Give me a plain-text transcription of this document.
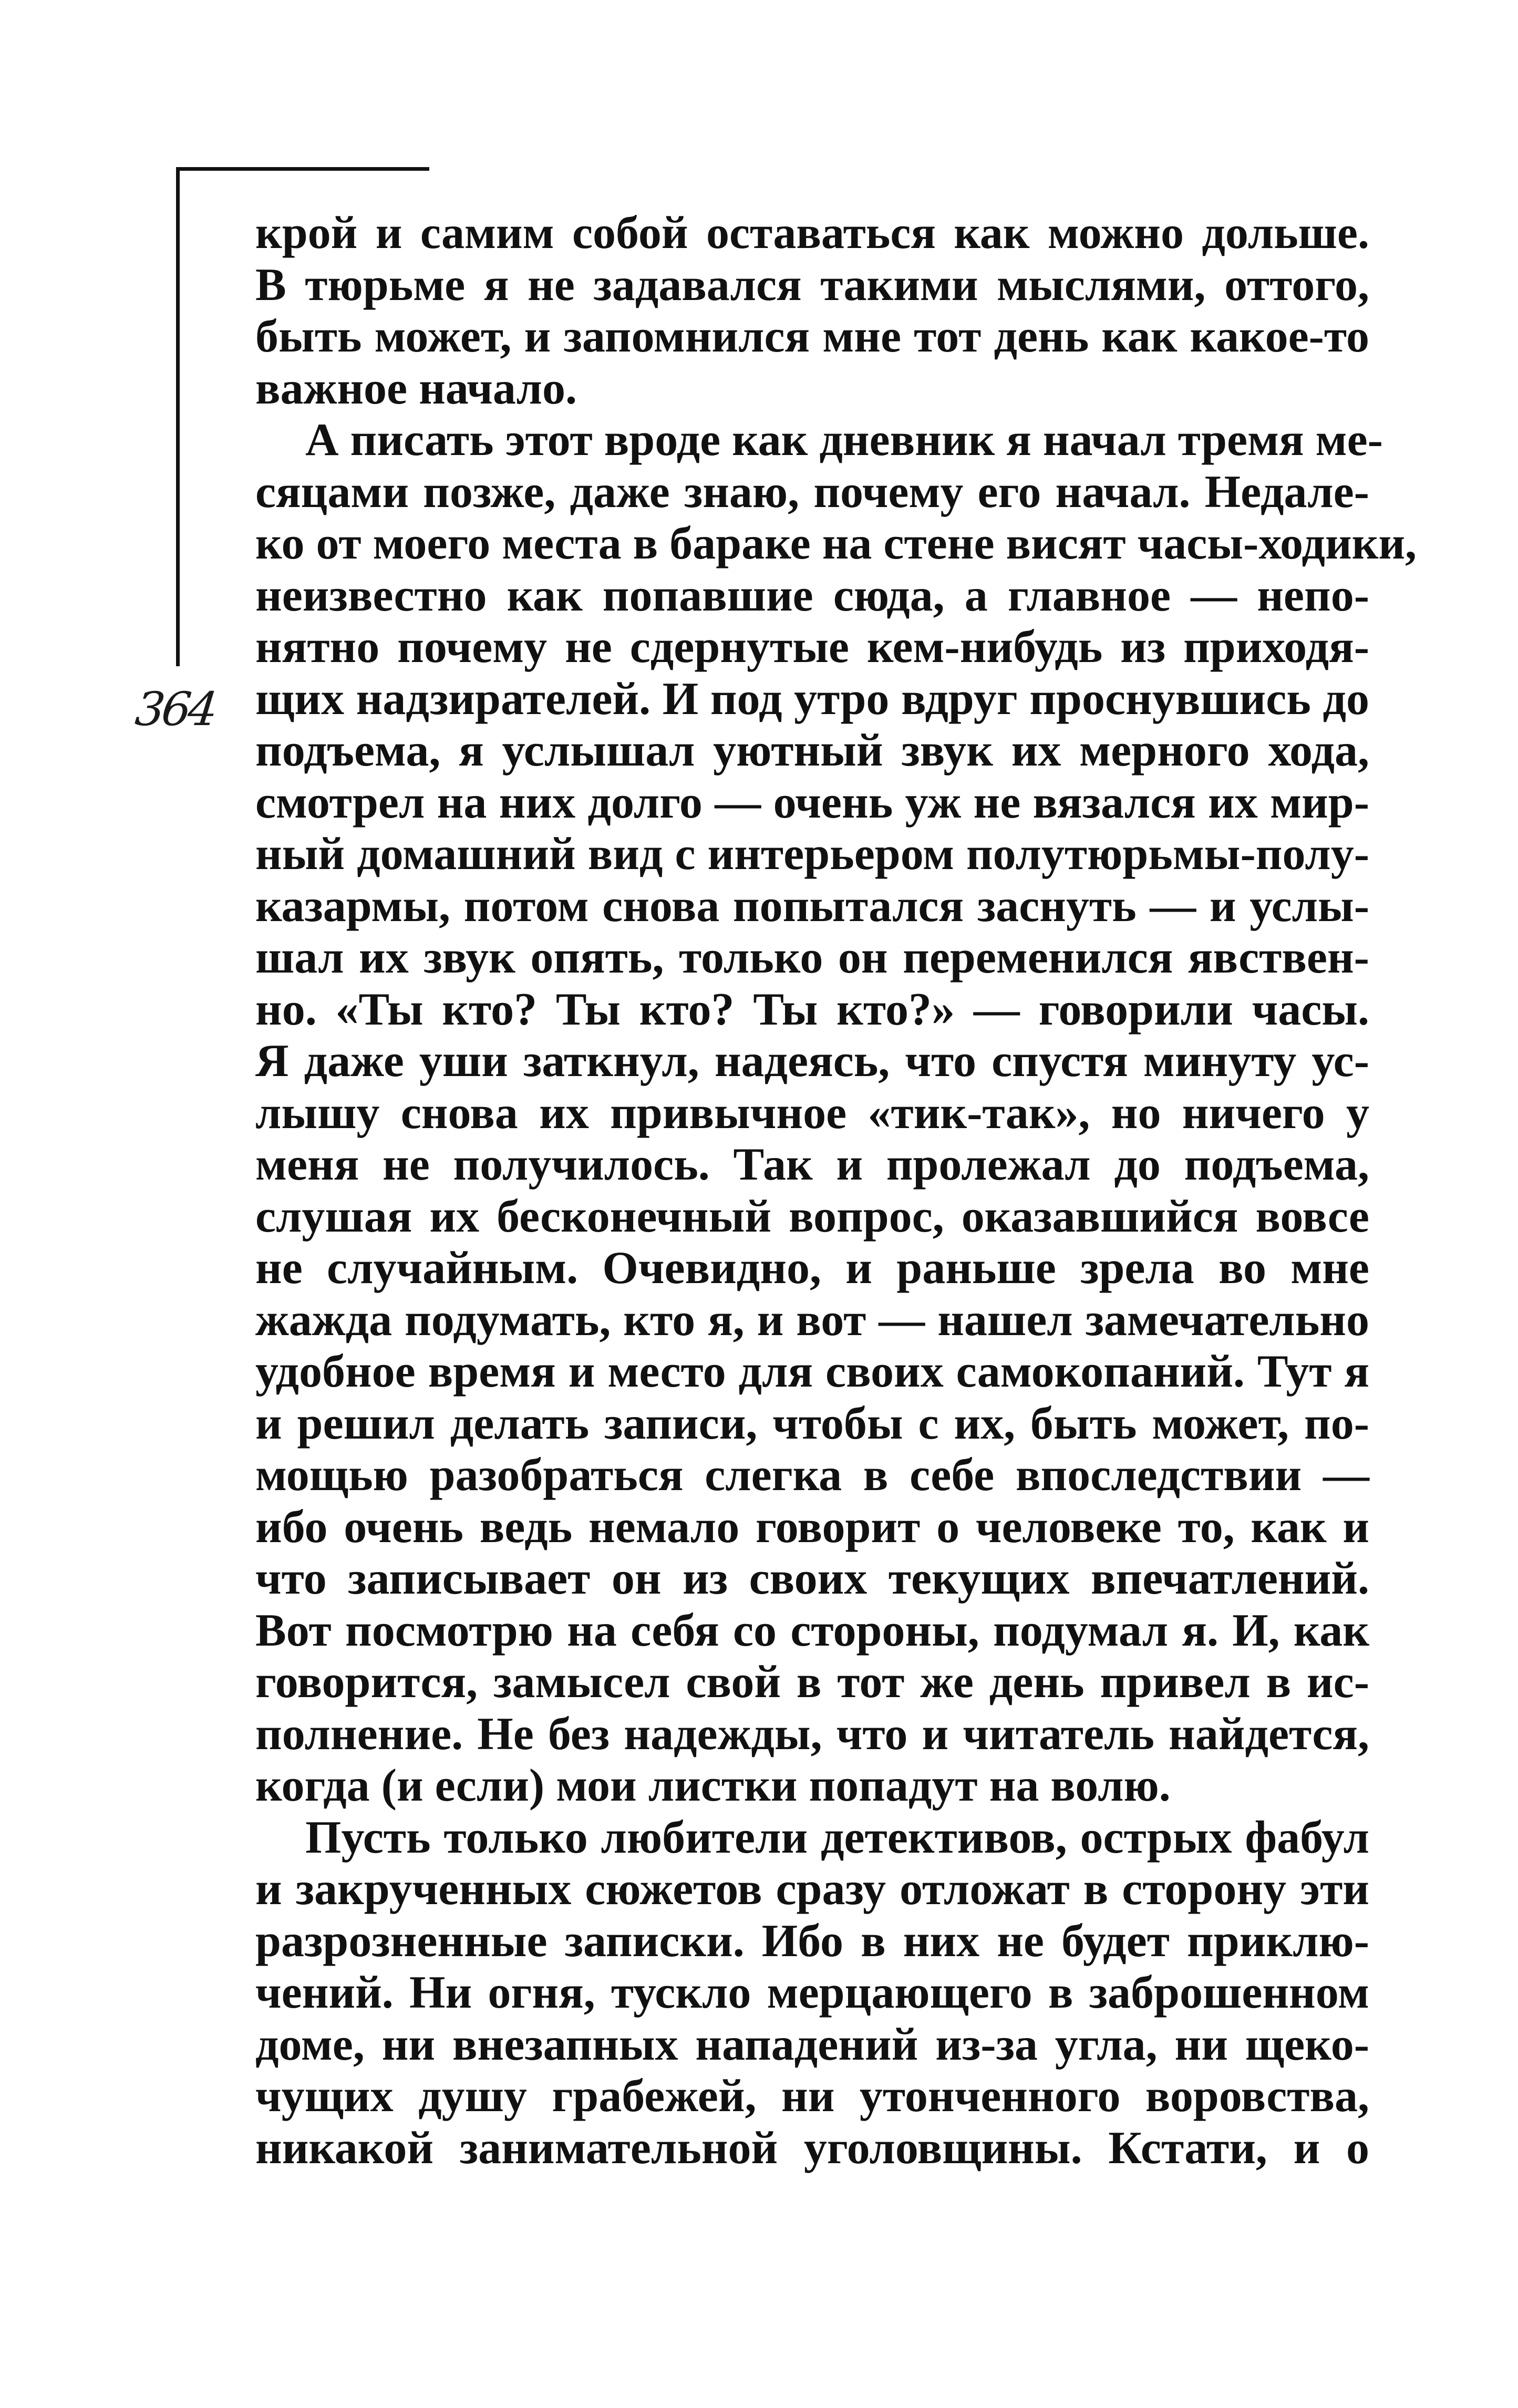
364
крой и самим собой оставаться как можно дольше.
В тюрьме я не задавался такими мыслями, оттого,
быть может, и запомнился мне тот день как какое-то
важное начало.
А писать этот вроде как дневник я начал тремя ме-
сяцами позже, даже знаю, почему его начал. Недале-
ко от моего места в бараке на стене висят часы-ходики,
неизвестно как попавшие сюда, а главное — непо-
нятно почему не сдернутые кем-нибудь из приходя-
щих надзирателей. И под утро вдруг проснувшись до
подъема, я услышал уютный звук их мерного хода,
смотрел на них долго — очень уж не вязался их мир-
ный домашний вид с интерьером полутюрьмы-полу-
казармы, потом снова попытался заснуть — и услы-
шал их звук опять, только он переменился явствен-
но. «Ты кто? Ты кто? Ты кто?» — говорили часы.
Я даже уши заткнул, надеясь, что спустя минуту ус-
лышу снова их привычное «тик-так», но ничего у
меня не получилось. Так и пролежал до подъема,
слушая их бесконечный вопрос, оказавшийся вовсе
не случайным. Очевидно, и раньше зрела во мне
жажда подумать, кто я, и вот — нашел замечательно
удобное время и место для своих самокопаний. Тут я
и решил делать записи, чтобы с их, быть может, по-
мощью разобраться слегка в себе впоследствии —
ибо очень ведь немало говорит о человеке то, как и
что записывает он из своих текущих впечатлений.
Вот посмотрю на себя со стороны, подумал я. И, как
говорится, замысел свой в тот же день привел в ис-
полнение. Не без надежды, что и читатель найдется,
когда (и если) мои листки попадут на волю.
Пусть только любители детективов, острых фабул
и закрученных сюжетов сразу отложат в сторону эти
разрозненные записки. Ибо в них не будет приклю-
чений. Ни огня, тускло мерцающего в заброшенном
доме, ни внезапных нападений из-за угла, ни щеко-
чущих душу грабежей, ни утонченного воровства,
никакой занимательной уголовщины. Кстати, и о
